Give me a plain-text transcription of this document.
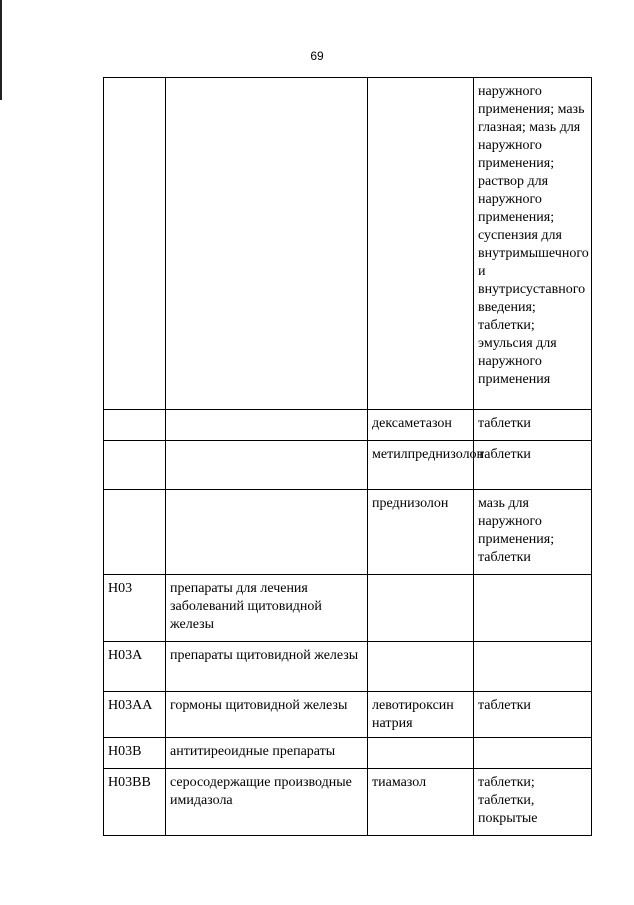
69
			наружного применения; мазь глазная; мазь для наружного применения; раствор для наружного применения; суспензия для внутримышечного и внутрисуставного введения; таблетки; эмульсия для наружного применения
		дексаметазон	таблетки
		метилпреднизолон	таблетки
		преднизолон	мазь для наружного применения; таблетки
H03	препараты для лечения заболеваний щитовидной железы		
H03A	препараты щитовидной железы		
H03AA	гормоны щитовидной железы	левотироксин натрия	таблетки
H03B	антитиреоидные препараты		
H03BB	серосодержащие производные имидазола	тиамазол	таблетки; таблетки, покрытые
